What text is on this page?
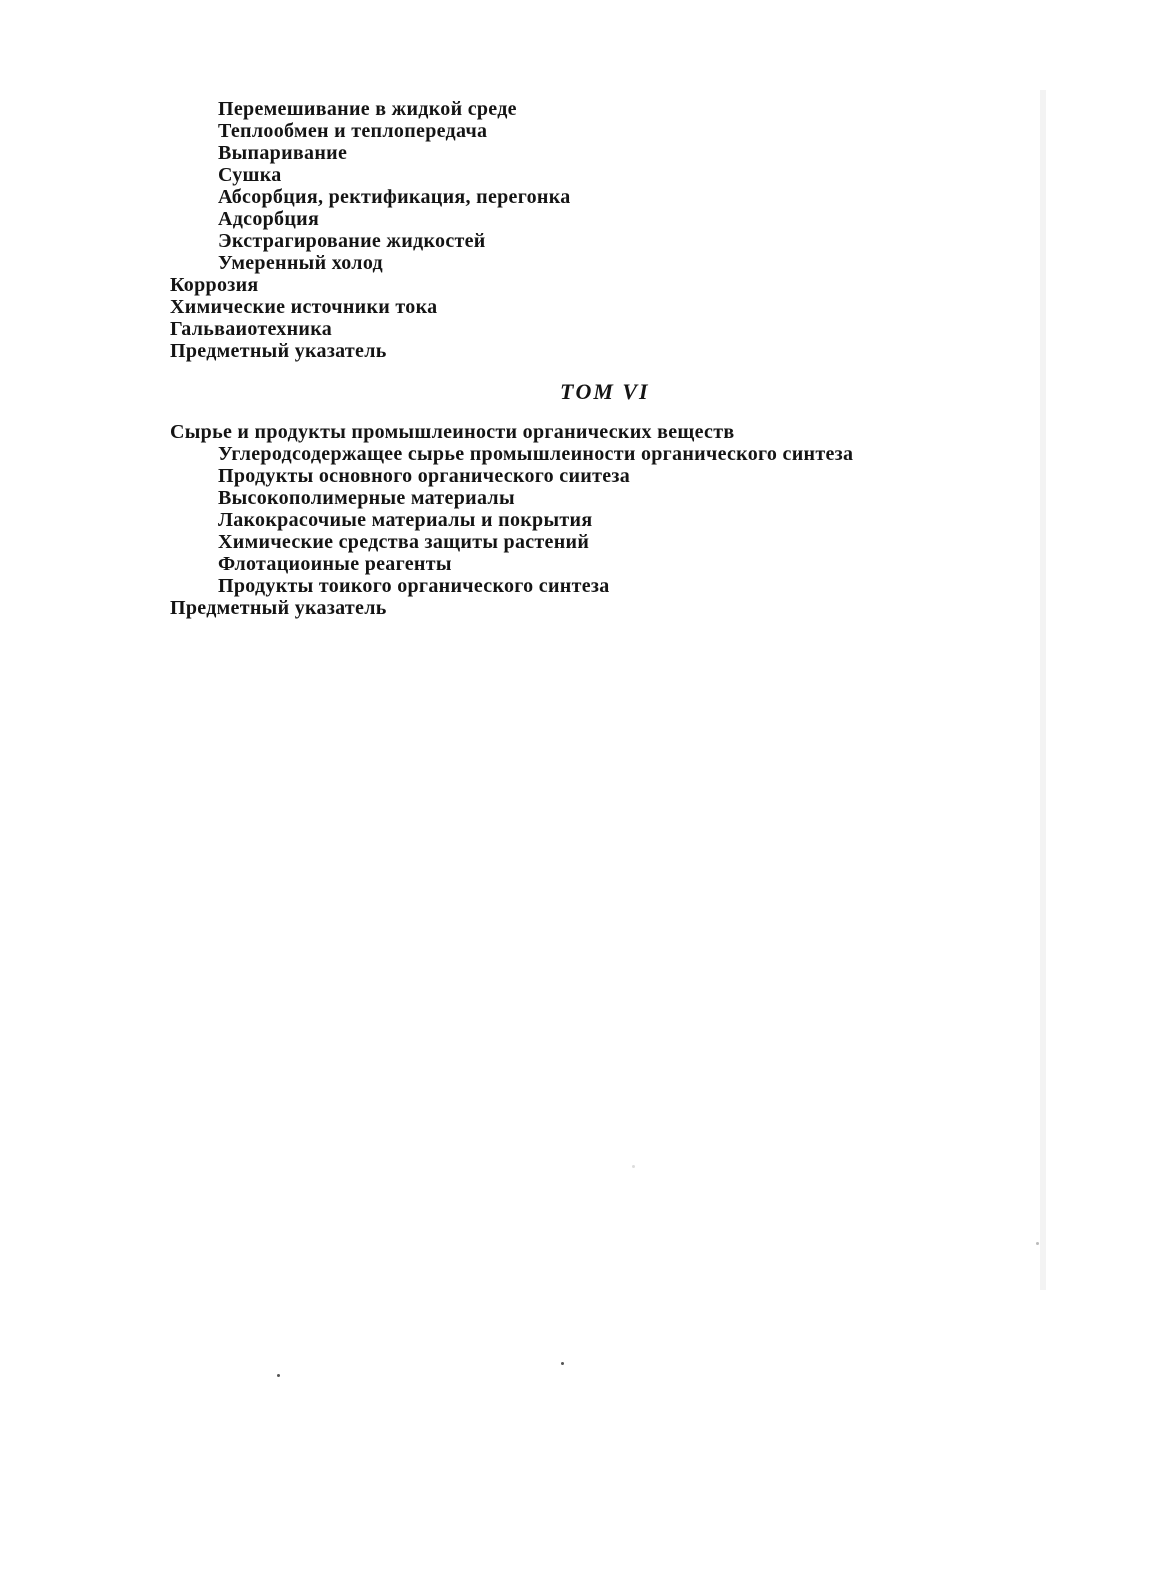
Перемешивание в жидкой среде
Теплообмен и теплопередача
Выпаривание
Сушка
Абсорбция, ректификация, перегонка
Адсорбция
Экстрагирование жидкостей
Умеренный холод
Коррозия
Химические источники тока
Гальваиотехника
Предметный указатель
ТОМ VI
Сырье и продукты промышлеиности органических веществ
Углеродсодержащее сырье промышлеиности органического синтеза
Продукты основного органического сиитеза
Высокополимерные материалы
Лакокрасочиые материалы и покрытия
Химические средства защиты растений
Флотациоиные реагенты
Продукты тоикого органического синтеза
Предметный указатель
